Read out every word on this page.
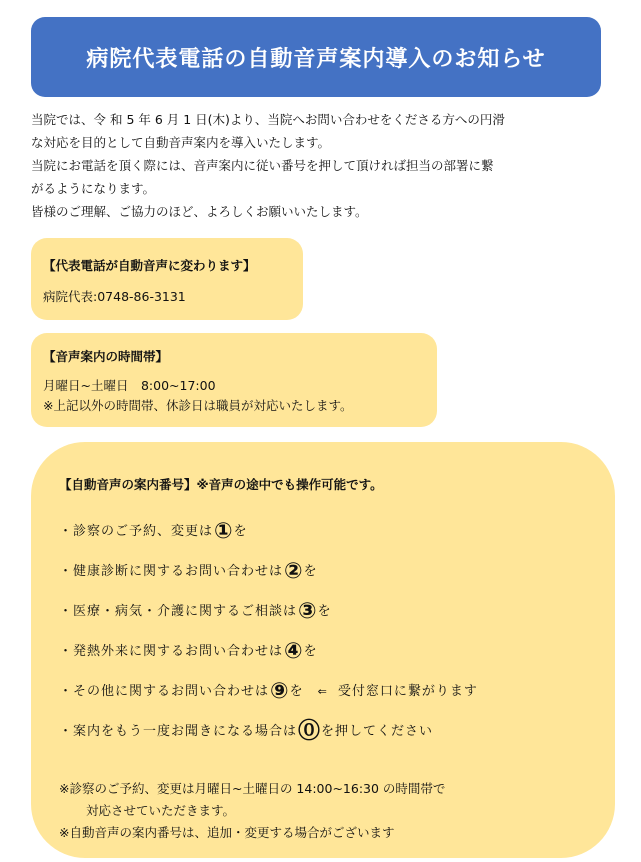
病院代表電話の自動音声案内導入のお知らせ

当院では、令 和 5 年 6 月 1 日(木)より、当院へお問い合わせをくださる方への円滑

な対応を目的として自動音声案内を導入いたします。

当院にお電話を頂く際には、音声案内に従い番号を押して頂ければ担当の部署に繋

がるようになります。

皆様のご理解、ご協力のほど、よろしくお願いいたします。

【代表電話が自動音声に変わります】

病院代表:0748-86-3131

【音声案内の時間帯】

月曜日~土曜日　8:00~17:00

※上記以外の時間帯、休診日は職員が対応いたします。

【自動音声の案内番号】※音声の途中でも操作可能です。

・診察のご予約、変更は ① を
・健康診断に関するお問い合わせは ② を
・医療・病気・介護に関するご相談は ③ を
・発熱外来に関するお問い合わせは ④ を
・その他に関するお問い合わせは ⑨ を ⇐ 受付窓口に繋がります
・案内をもう一度お聞きになる場合は ⓪ を押してください

※診察のご予約、変更は月曜日~土曜日の 14:00~16:30 の時間帯で

対応させていただきます。

※自動音声の案内番号は、追加・変更する場合がございます
